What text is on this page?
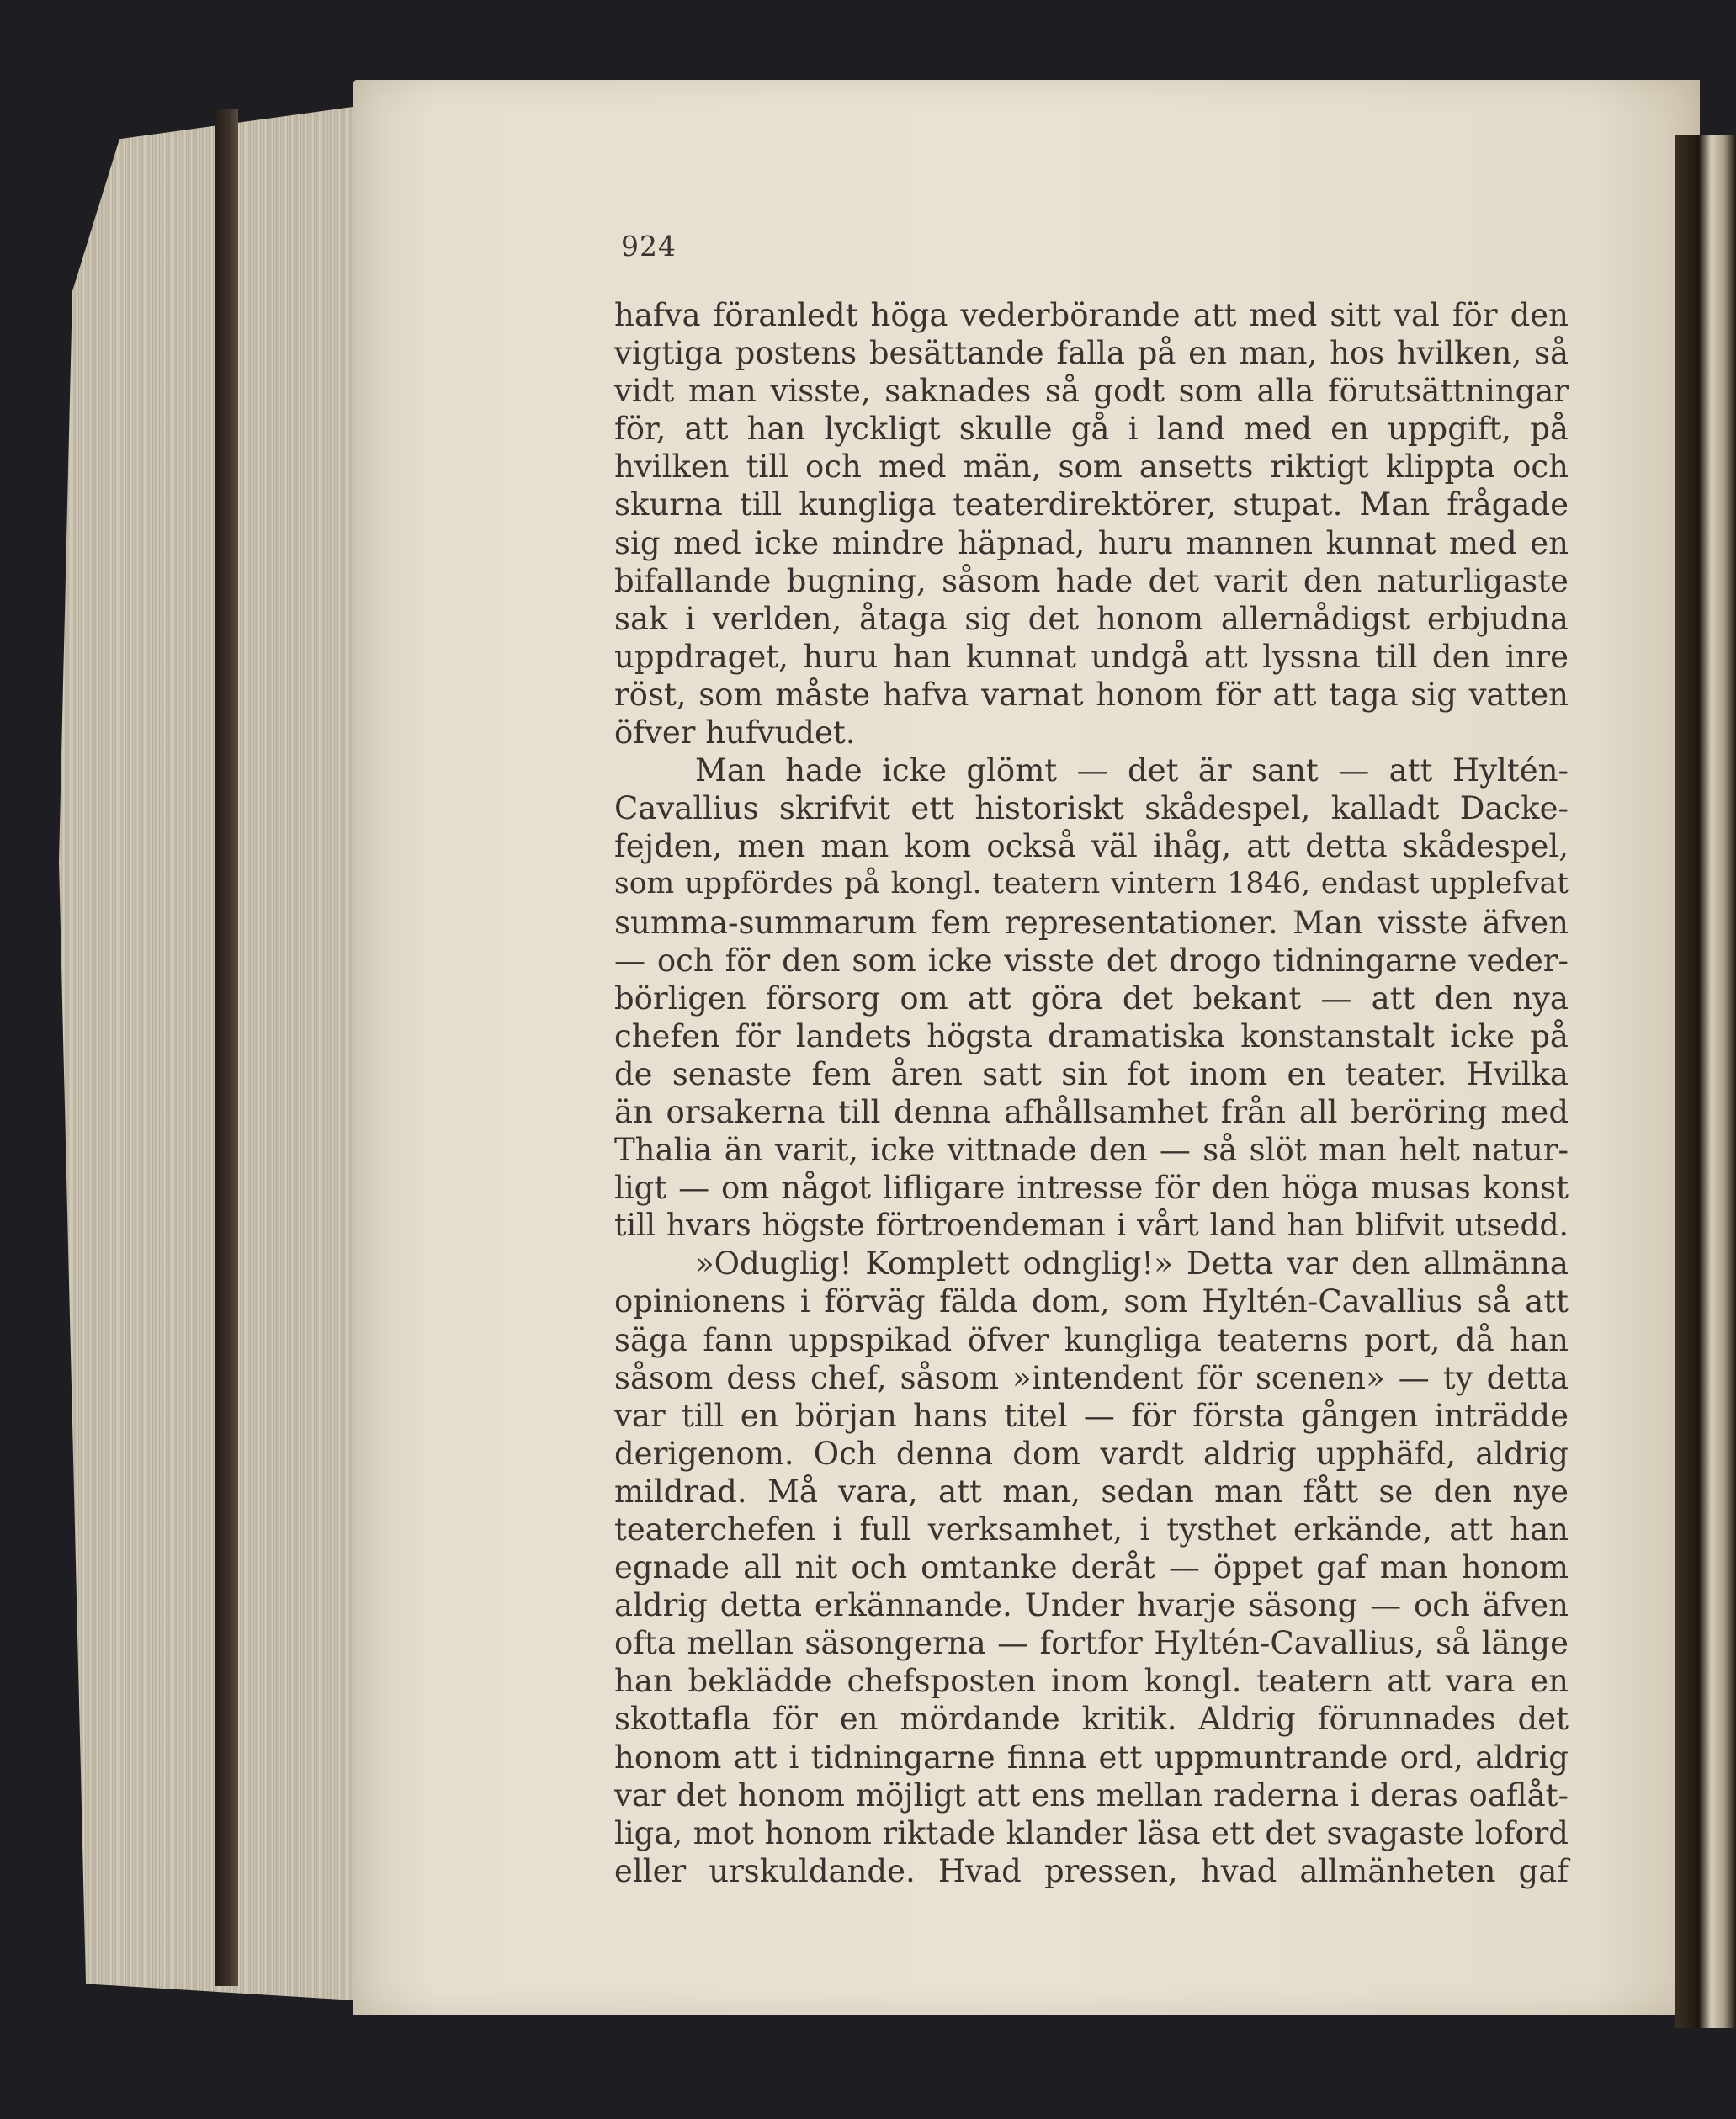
924
hafva föranledt höga vederbörande att med sitt val för den
vigtiga postens besättande falla på en man, hos hvilken, så
vidt man visste, saknades så godt som alla förutsättningar
för, att han lyckligt skulle gå i land med en uppgift, på
hvilken till och med män, som ansetts riktigt klippta och
skurna till kungliga teaterdirektörer, stupat. Man frågade
sig med icke mindre häpnad, huru mannen kunnat med en
bifallande bugning, såsom hade det varit den naturligaste
sak i verlden, åtaga sig det honom allernådigst erbjudna
uppdraget, huru han kunnat undgå att lyssna till den inre
röst, som måste hafva varnat honom för att taga sig vatten
öfver hufvudet.
Man hade icke glömt — det är sant — att Hyltén-
Cavallius skrifvit ett historiskt skådespel, kalladt Dacke-
fejden, men man kom också väl ihåg, att detta skådespel,
som uppfördes på kongl. teatern vintern 1846, endast upplefvat
summa-summarum fem representationer. Man visste äfven
— och för den som icke visste det drogo tidningarne veder-
börligen försorg om att göra det bekant — att den nya
chefen för landets högsta dramatiska konstanstalt icke på
de senaste fem åren satt sin fot inom en teater. Hvilka
än orsakerna till denna afhållsamhet från all beröring med
Thalia än varit, icke vittnade den — så slöt man helt natur-
ligt — om något lifligare intresse för den höga musas konst
till hvars högste förtroendeman i vårt land han blifvit utsedd.
»Oduglig! Komplett odnglig!» Detta var den allmänna
opinionens i förväg fälda dom, som Hyltén-Cavallius så att
säga fann uppspikad öfver kungliga teaterns port, då han
såsom dess chef, såsom »intendent för scenen» — ty detta
var till en början hans titel — för första gången inträdde
derigenom. Och denna dom vardt aldrig upphäfd, aldrig
mildrad. Må vara, att man, sedan man fått se den nye
teaterchefen i full verksamhet, i tysthet erkände, att han
egnade all nit och omtanke deråt — öppet gaf man honom
aldrig detta erkännande. Under hvarje säsong — och äfven
ofta mellan säsongerna — fortfor Hyltén-Cavallius, så länge
han beklädde chefsposten inom kongl. teatern att vara en
skottafla för en mördande kritik. Aldrig förunnades det
honom att i tidningarne finna ett uppmuntrande ord, aldrig
var det honom möjligt att ens mellan raderna i deras oaflåt-
liga, mot honom riktade klander läsa ett det svagaste loford
eller urskuldande. Hvad pressen, hvad allmänheten gaf
